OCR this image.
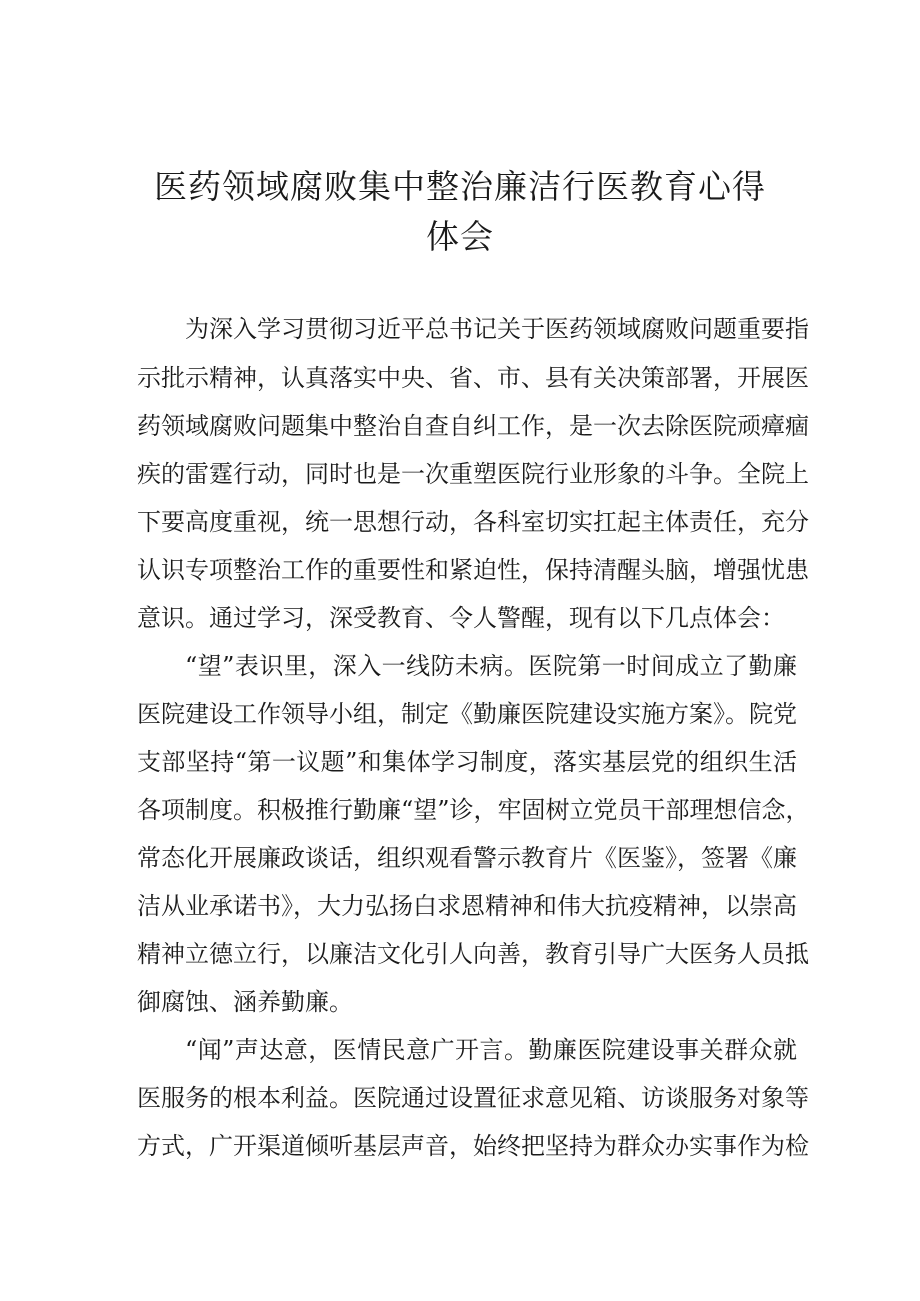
医药领域腐败集中整治廉洁行医教育心得
体会
为深入学习贯彻习近平总书记关于医药领域腐败问题重要指
示批示精神，认真落实中央、省、市、县有关决策部署，开展医
药领域腐败问题集中整治自查自纠工作，是一次去除医院顽瘴痼
疾的雷霆行动，同时也是一次重塑医院行业形象的斗争。全院上
下要高度重视，统一思想行动，各科室切实扛起主体责任，充分
认识专项整治工作的重要性和紧迫性，保持清醒头脑，增强忧患
意识。通过学习，深受教育、令人警醒，现有以下几点体会：
“望”表识里，深入一线防未病。医院第一时间成立了勤廉
医院建设工作领导小组，制定《勤廉医院建设实施方案》。院党
支部坚持“第一议题”和集体学习制度，落实基层党的组织生活
各项制度。积极推行勤廉“望”诊，牢固树立党员干部理想信念，
常态化开展廉政谈话，组织观看警示教育片《医鉴》，签署《廉
洁从业承诺书》，大力弘扬白求恩精神和伟大抗疫精神，以崇高
精神立德立行，以廉洁文化引人向善，教育引导广大医务人员抵
御腐蚀、涵养勤廉。
“闻”声达意，医情民意广开言。勤廉医院建设事关群众就
医服务的根本利益。医院通过设置征求意见箱、访谈服务对象等
方式，广开渠道倾听基层声音，始终把坚持为群众办实事作为检
